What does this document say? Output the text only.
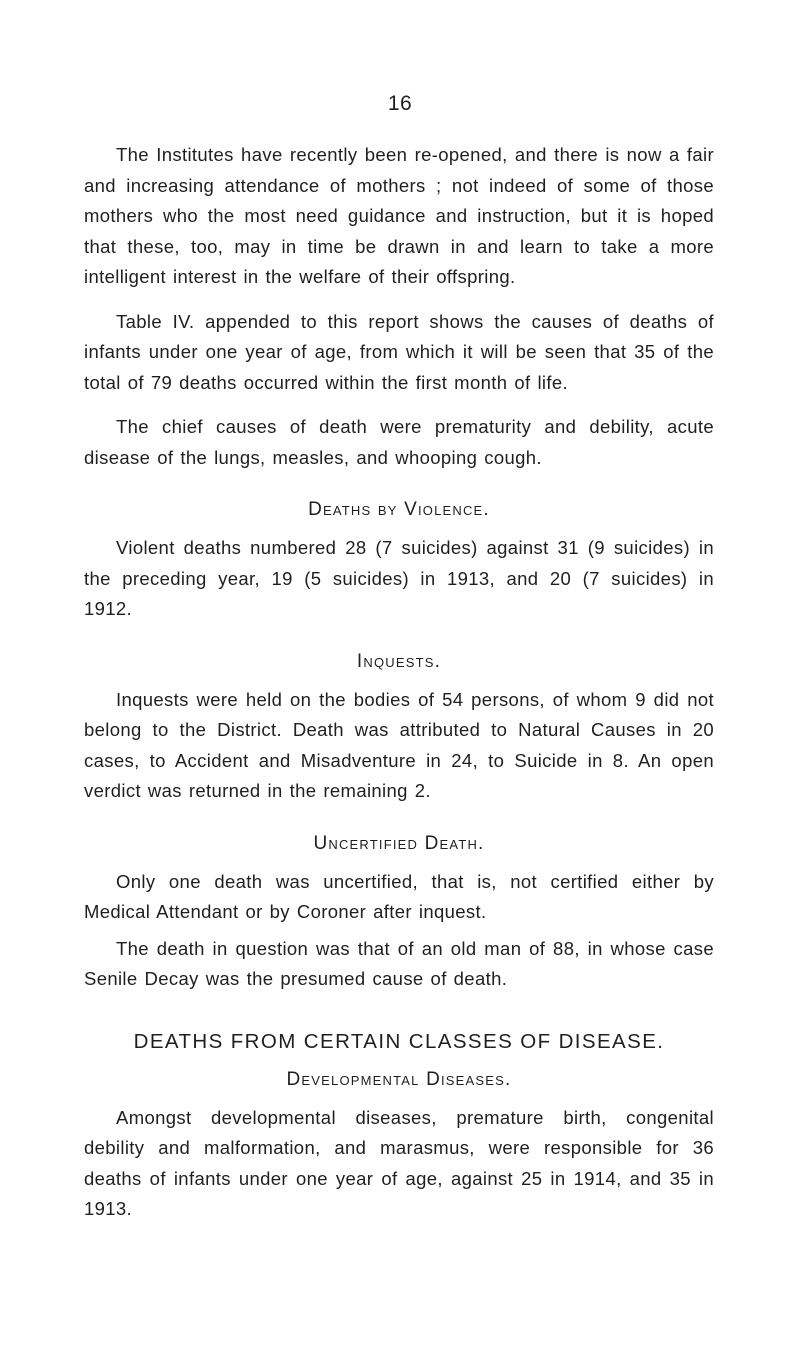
16

The Institutes have recently been re-opened, and there is now a fair and increasing attendance of mothers ; not indeed of some of those mothers who the most need guidance and instruction, but it is hoped that these, too, may in time be drawn in and learn to take a more intelligent interest in the welfare of their offspring.

Table IV. appended to this report shows the causes of deaths of infants under one year of age, from which it will be seen that 35 of the total of 79 deaths occurred within the first month of life.

The chief causes of death were prematurity and debility, acute disease of the lungs, measles, and whooping cough.

Deaths by Violence.

Violent deaths numbered 28 (7 suicides) against 31 (9 suicides) in the preceding year, 19 (5 suicides) in 1913, and 20 (7 suicides) in 1912.

Inquests.

Inquests were held on the bodies of 54 persons, of whom 9 did not belong to the District. Death was attributed to Natural Causes in 20 cases, to Accident and Misadventure in 24, to Suicide in 8. An open verdict was returned in the remaining 2.

Uncertified Death.

Only one death was uncertified, that is, not certified either by Medical Attendant or by Coroner after inquest.

The death in question was that of an old man of 88, in whose case Senile Decay was the presumed cause of death.

DEATHS FROM CERTAIN CLASSES OF DISEASE.
Developmental Diseases.

Amongst developmental diseases, premature birth, congenital debility and malformation, and marasmus, were responsible for 36 deaths of infants under one year of age, against 25 in 1914, and 35 in 1913.
